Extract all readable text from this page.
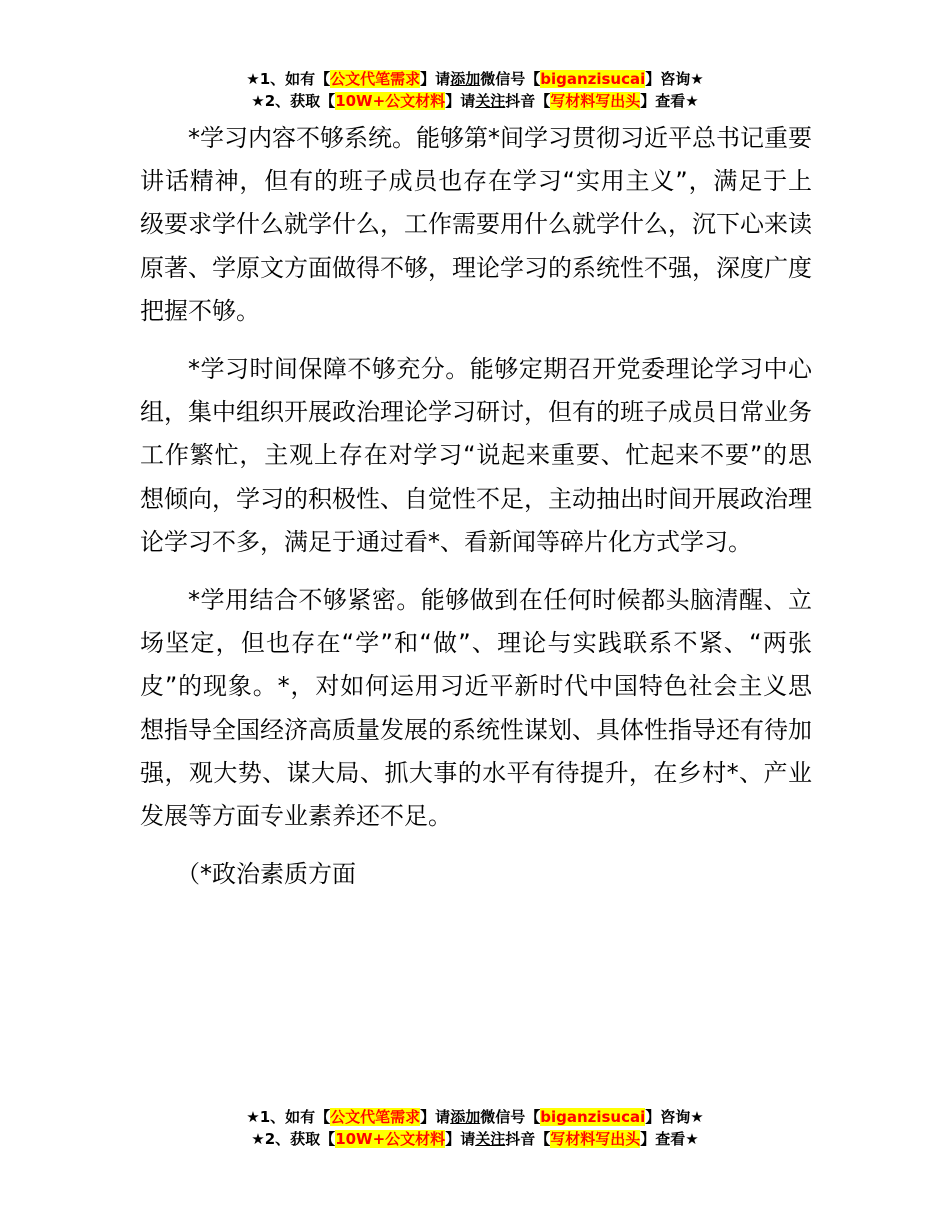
★1、如有【公文代笔需求】请添加微信号【biganzisucai】咨询★
★2、获取【10W+公文材料】请关注抖音【写材料写出头】查看★

*学习内容不够系统。能够第*间学习贯彻习近平总书记重要讲话精神，但有的班子成员也存在学习“实用主义”，满足于上级要求学什么就学什么，工作需要用什么就学什么，沉下心来读原著、学原文方面做得不够，理论学习的系统性不强，深度广度把握不够。

*学习时间保障不够充分。能够定期召开党委理论学习中心组，集中组织开展政治理论学习研讨，但有的班子成员日常业务工作繁忙，主观上存在对学习“说起来重要、忙起来不要”的思想倾向，学习的积极性、自觉性不足，主动抽出时间开展政治理论学习不多，满足于通过看*、看新闻等碎片化方式学习。

*学用结合不够紧密。能够做到在任何时候都头脑清醒、立场坚定，但也存在“学”和“做”、理论与实践联系不紧、“两张皮”的现象。*，对如何运用习近平新时代中国特色社会主义思想指导全国经济高质量发展的系统性谋划、具体性指导还有待加强，观大势、谋大局、抓大事的水平有待提升，在乡村*、产业发展等方面专业素养还不足。

（*政治素质方面

★1、如有【公文代笔需求】请添加微信号【biganzisucai】咨询★
★2、获取【10W+公文材料】请关注抖音【写材料写出头】查看★
